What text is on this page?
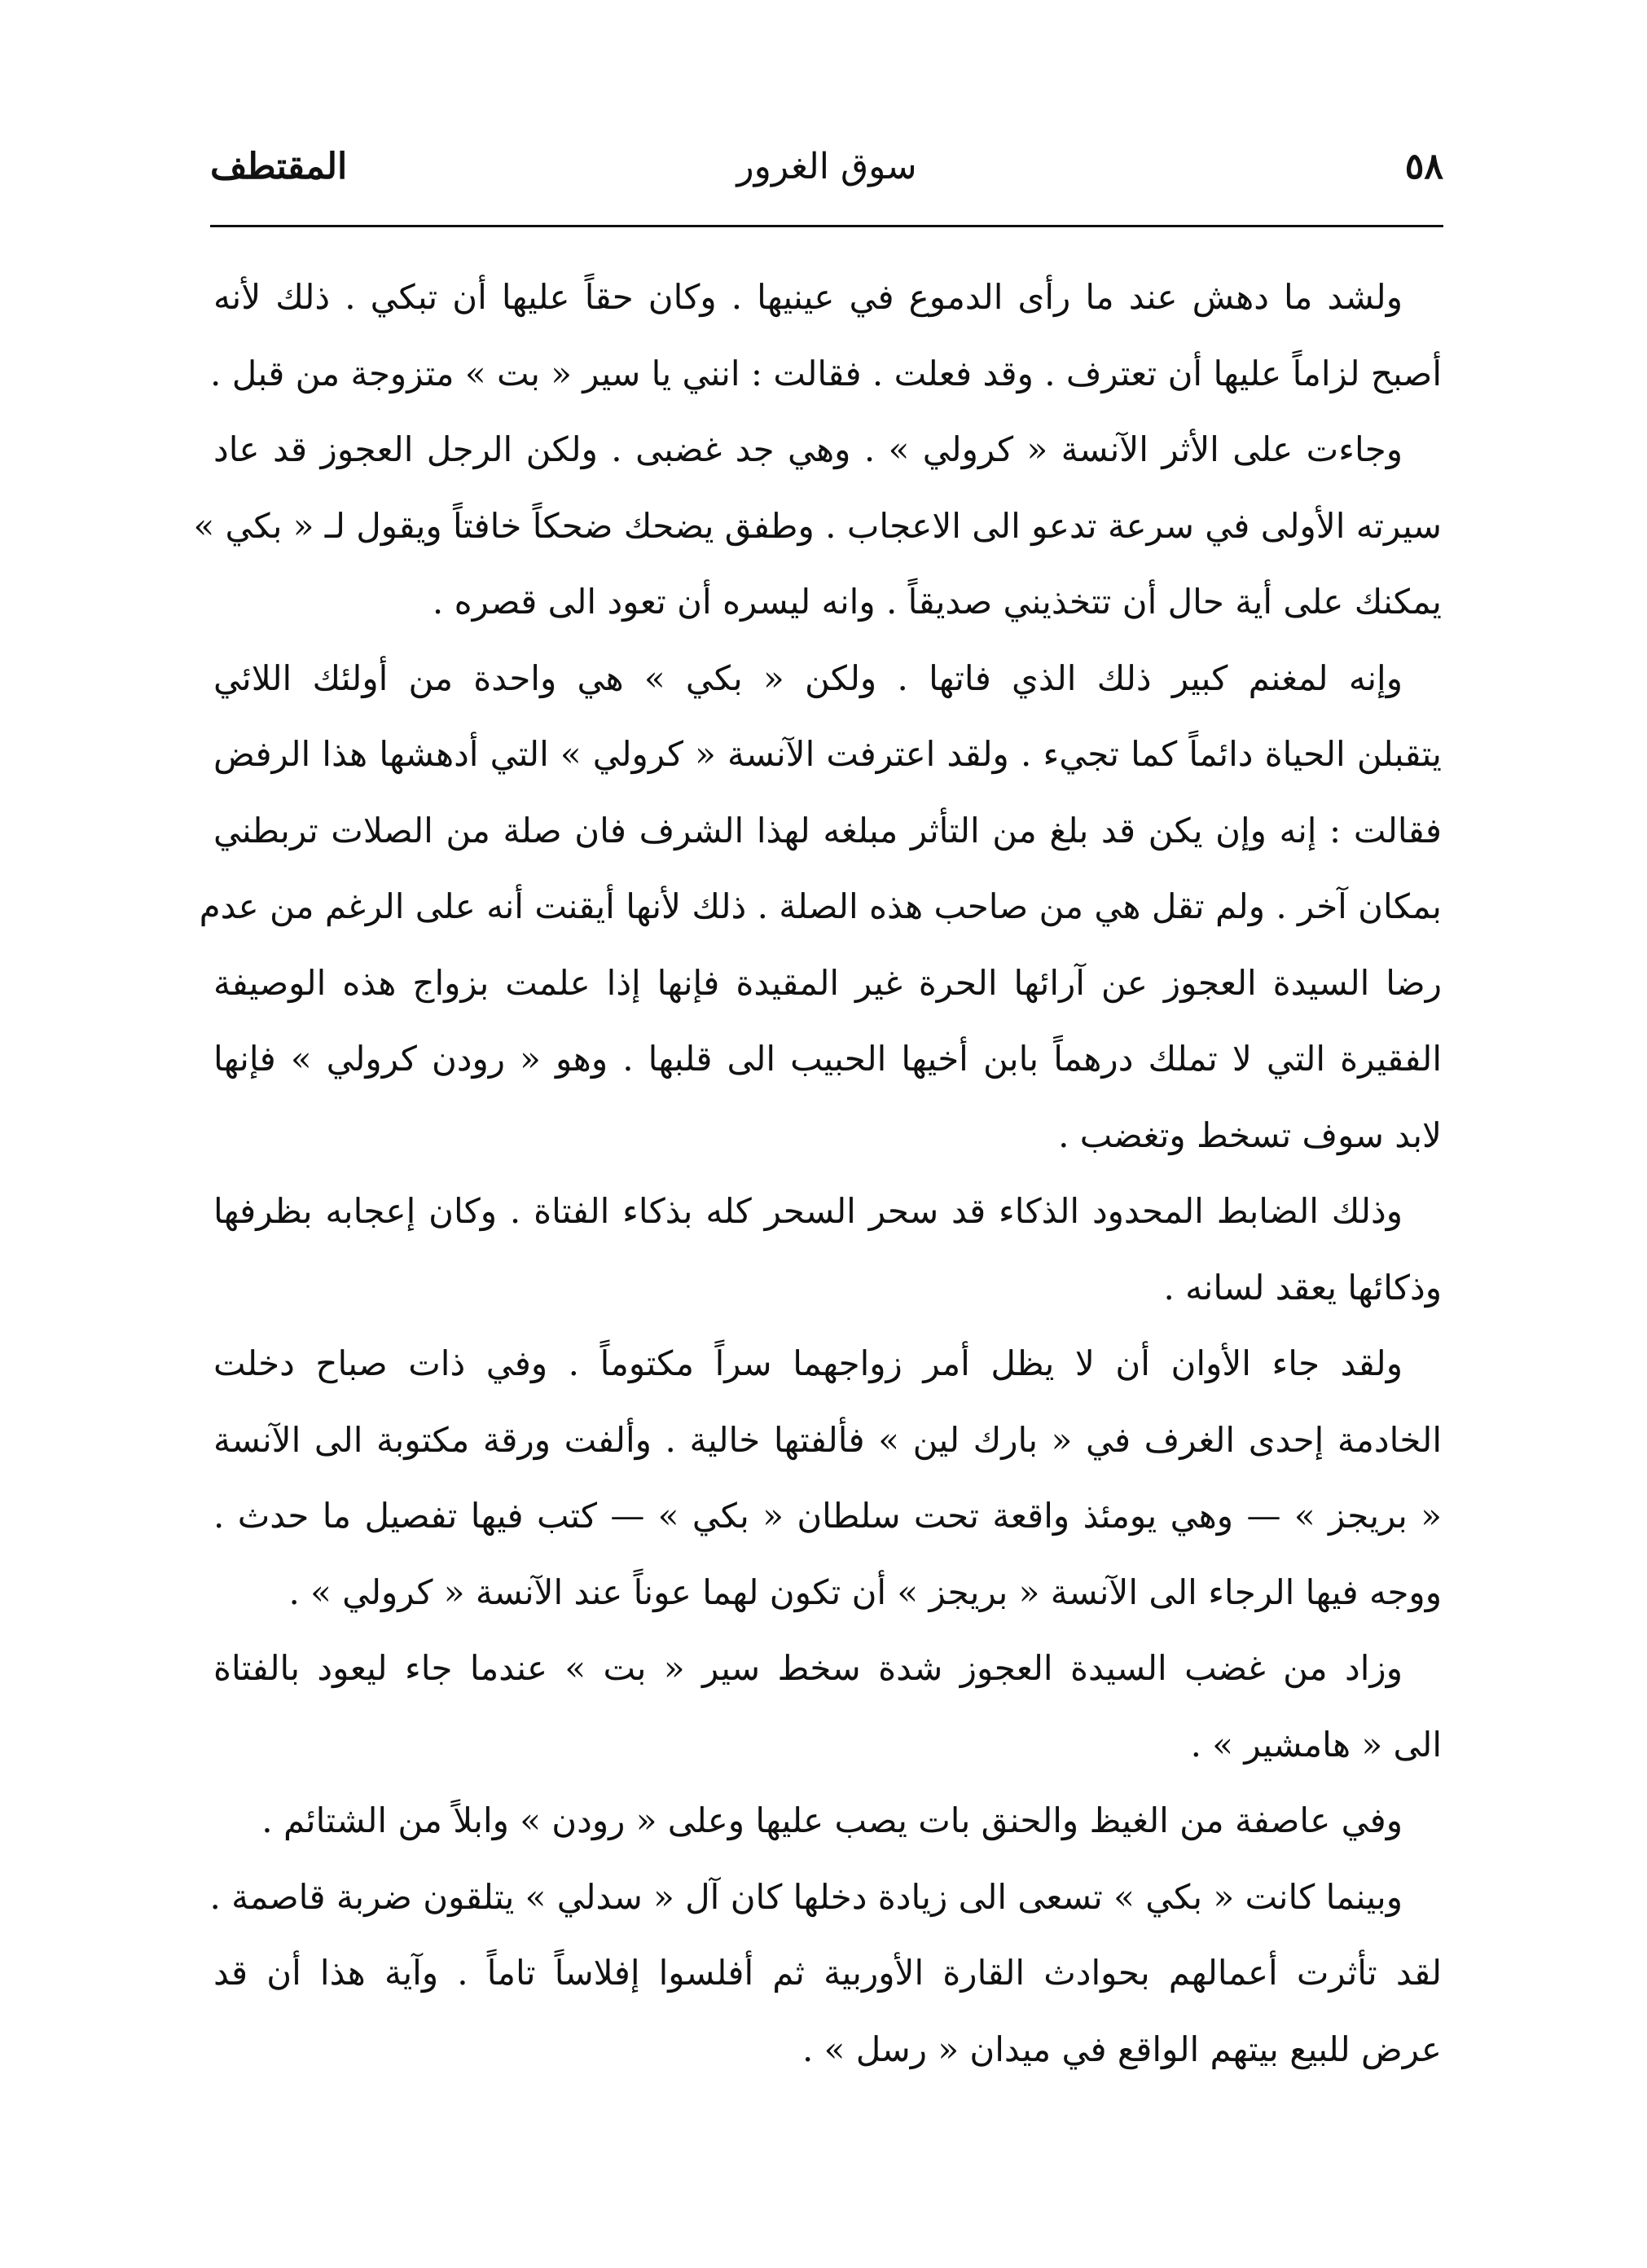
٥٨
سوق الغرور
المقتطف
ولشد ما دهش عند ما رأى الدموع في عينيها . وكان حقاً عليها أن تبكي . ذلك لأنه
أصبح لزاماً عليها أن تعترف . وقد فعلت . فقالت : انني يا سير « بت » متزوجة من قبل .
وجاءت على الأثر الآنسة « كرولي » . وهي جد غضبى . ولكن الرجل العجوز قد عاد
سيرته الأولى في سرعة تدعو الى الاعجاب . وطفق يضحك ضحكاً خافتاً ويقول لـ « بكي »
يمكنك على أية حال أن تتخذيني صديقاً . وانه ليسره أن تعود الى قصره .
وإنه لمغنم كبير ذلك الذي فاتها . ولكن « بكي » هي واحدة من أولئك اللائي
يتقبلن الحياة دائماً كما تجيء . ولقد اعترفت الآنسة « كرولي » التي أدهشها هذا الرفض
فقالت : إنه وإن يكن قد بلغ من التأثر مبلغه لهذا الشرف فان صلة من الصلات تربطني
بمكان آخر . ولم تقل هي من صاحب هذه الصلة . ذلك لأنها أيقنت أنه على الرغم من عدم
رضا السيدة العجوز عن آرائها الحرة غير المقيدة فإنها إذا علمت بزواج هذه الوصيفة
الفقيرة التي لا تملك درهماً بابن أخيها الحبيب الى قلبها . وهو « رودن كرولي » فإنها
لابد سوف تسخط وتغضب .
وذلك الضابط المحدود الذكاء قد سحر السحر كله بذكاء الفتاة . وكان إعجابه بظرفها
وذكائها يعقد لسانه .
ولقد جاء الأوان أن لا يظل أمر زواجهما سراً مكتوماً . وفي ذات صباح دخلت
الخادمة إحدى الغرف في « بارك لين » فألفتها خالية . وألفت ورقة مكتوبة الى الآنسة
« بريجز » — وهي يومئذ واقعة تحت سلطان « بكي » — كتب فيها تفصيل ما حدث .
ووجه فيها الرجاء الى الآنسة « بريجز » أن تكون لهما عوناً عند الآنسة « كرولي » .
وزاد من غضب السيدة العجوز شدة سخط سير « بت » عندما جاء ليعود بالفتاة
الى « هامشير » .
وفي عاصفة من الغيظ والحنق بات يصب عليها وعلى « رودن » وابلاً من الشتائم .
وبينما كانت « بكي » تسعى الى زيادة دخلها كان آل « سدلي » يتلقون ضربة قاصمة .
لقد تأثرت أعمالهم بحوادث القارة الأوربية ثم أفلسوا إفلاساً تاماً . وآية هذا أن قد
عرض للبيع بيتهم الواقع في ميدان « رسل » .
